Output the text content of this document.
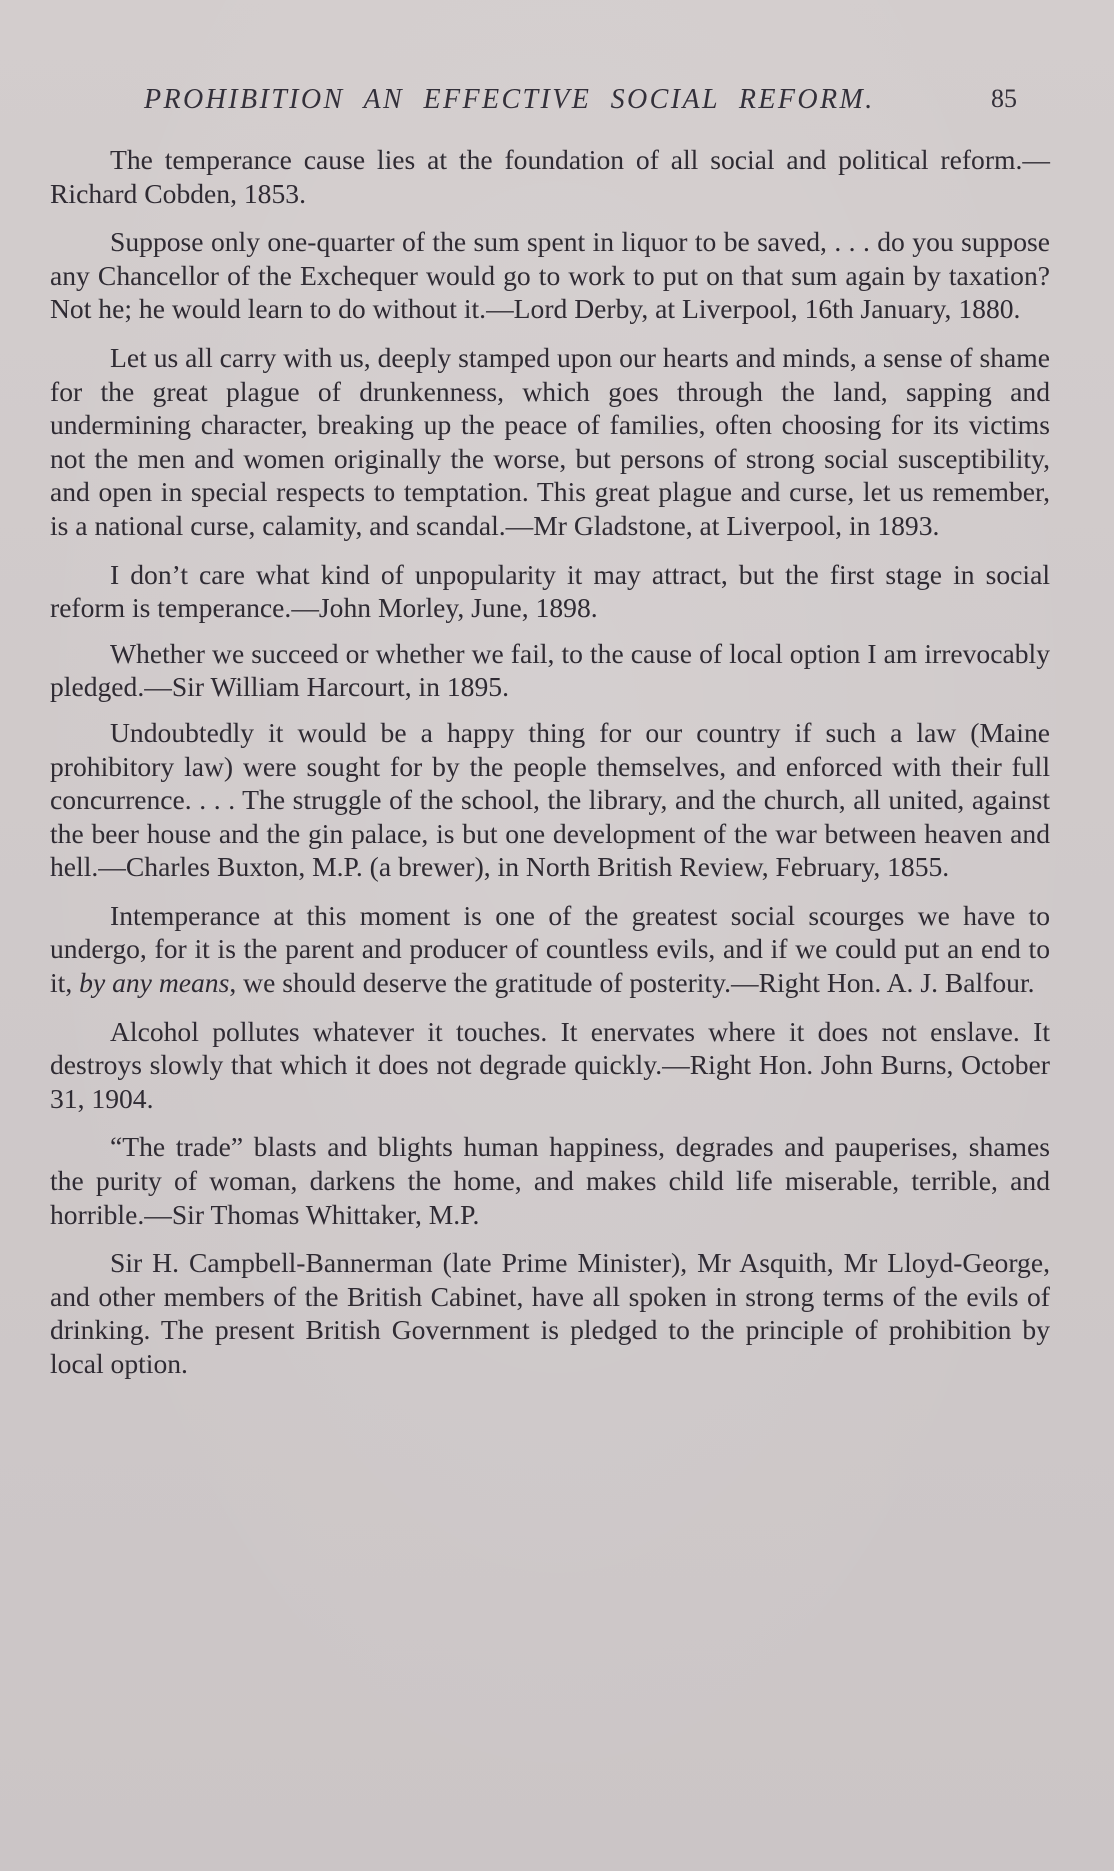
PROHIBITION AN EFFECTIVE SOCIAL REFORM.	85

The temperance cause lies at the foundation of all social and political reform.—Richard Cobden, 1853.

Suppose only one-quarter of the sum spent in liquor to be saved, . . . do you suppose any Chancellor of the Exchequer would go to work to put on that sum again by taxation? Not he; he would learn to do without it.—Lord Derby, at Liverpool, 16th January, 1880.

Let us all carry with us, deeply stamped upon our hearts and minds, a sense of shame for the great plague of drunkenness, which goes through the land, sapping and undermining character, breaking up the peace of families, often choosing for its victims not the men and women originally the worse, but persons of strong social susceptibility, and open in special respects to temptation. This great plague and curse, let us remember, is a national curse, calamity, and scandal.—Mr Gladstone, at Liverpool, in 1893.

I don’t care what kind of unpopularity it may attract, but the first stage in social reform is temperance.—John Morley, June, 1898.

Whether we succeed or whether we fail, to the cause of local option I am irrevocably pledged.—Sir William Harcourt, in 1895.

Undoubtedly it would be a happy thing for our country if such a law (Maine prohibitory law) were sought for by the people themselves, and enforced with their full concurrence. . . . The struggle of the school, the library, and the church, all united, against the beer house and the gin palace, is but one development of the war between heaven and hell.—Charles Buxton, M.P. (a brewer), in North British Review, February, 1855.

Intemperance at this moment is one of the greatest social scourges we have to undergo, for it is the parent and producer of countless evils, and if we could put an end to it, by any means, we should deserve the gratitude of posterity.—Right Hon. A. J. Balfour.

Alcohol pollutes whatever it touches. It enervates where it does not enslave. It destroys slowly that which it does not degrade quickly.—Right Hon. John Burns, October 31, 1904.

“The trade” blasts and blights human happiness, degrades and pauperises, shames the purity of woman, darkens the home, and makes child life miserable, terrible, and horrible.—Sir Thomas Whittaker, M.P.

Sir H. Campbell-Bannerman (late Prime Minister), Mr Asquith, Mr Lloyd-George, and other members of the British Cabinet, have all spoken in strong terms of the evils of drinking. The present British Government is pledged to the principle of prohibition by local option.
